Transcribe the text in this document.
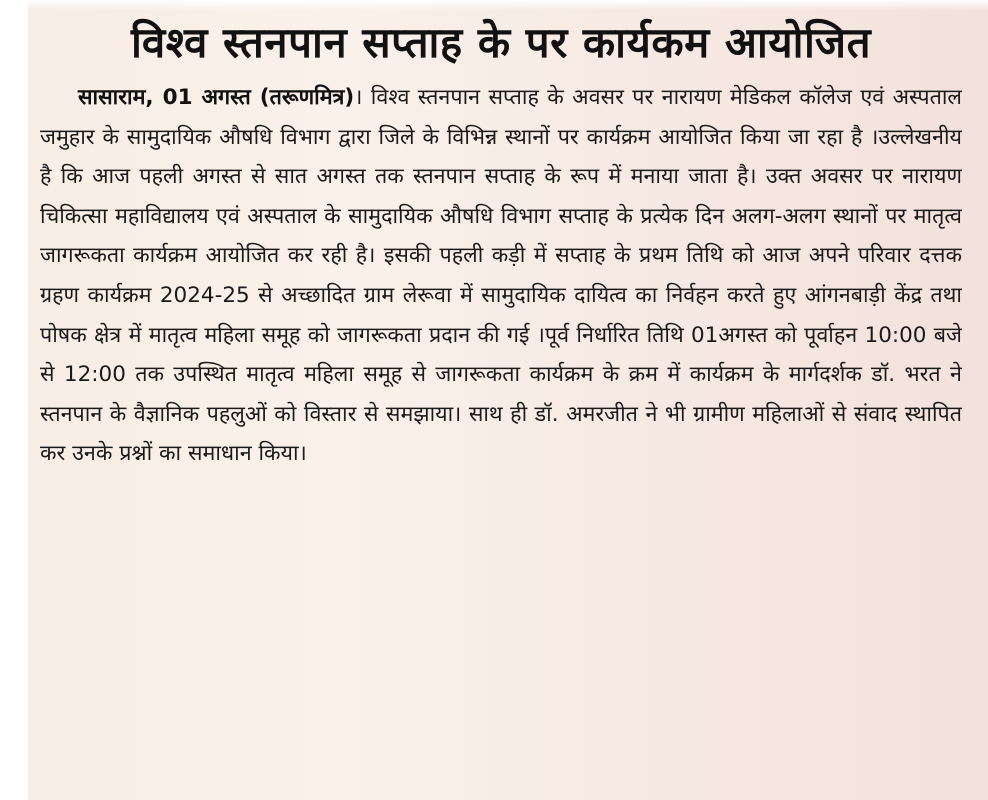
विश्व स्तनपान सप्ताह के पर कार्यकम आयोजित

सासाराम, 01 अगस्त (तरूणमित्र)। विश्व स्तनपान सप्ताह के अवसर पर नारायण मेडिकल कॉलेज एवं अस्पताल जमुहार के सामुदायिक औषधि विभाग द्वारा जिले के विभिन्न स्थानों पर कार्यक्रम आयोजित किया जा रहा है ।उल्लेखनीय है कि आज पहली अगस्त से सात अगस्त तक स्तनपान सप्ताह के रूप में मनाया जाता है। उक्त अवसर पर नारायण चिकित्सा महाविद्यालय एवं अस्पताल के सामुदायिक औषधि विभाग सप्ताह के प्रत्येक दिन अलग-अलग स्थानों पर मातृत्व जागरूकता कार्यक्रम आयोजित कर रही है। इसकी पहली कड़ी में सप्ताह के प्रथम तिथि को आज अपने परिवार दत्तक ग्रहण कार्यक्रम 2024-25 से अच्छादित ग्राम लेरूवा में सामुदायिक दायित्व का निर्वहन करते हुए आंगनबाड़ी केंद्र तथा पोषक क्षेत्र में मातृत्व महिला समूह को जागरूकता प्रदान की गई ।पूर्व निर्धारित तिथि 01अगस्त को पूर्वाहन 10:00 बजे से 12:00 तक उपस्थित मातृत्व महिला समूह से जागरूकता कार्यक्रम के क्रम में कार्यक्रम के मार्गदर्शक डॉ. भरत ने स्तनपान के वैज्ञानिक पहलुओं को विस्तार से समझाया। साथ ही डॉ. अमरजीत ने भी ग्रामीण महिलाओं से संवाद स्थापित कर उनके प्रश्नों का समाधान किया।
